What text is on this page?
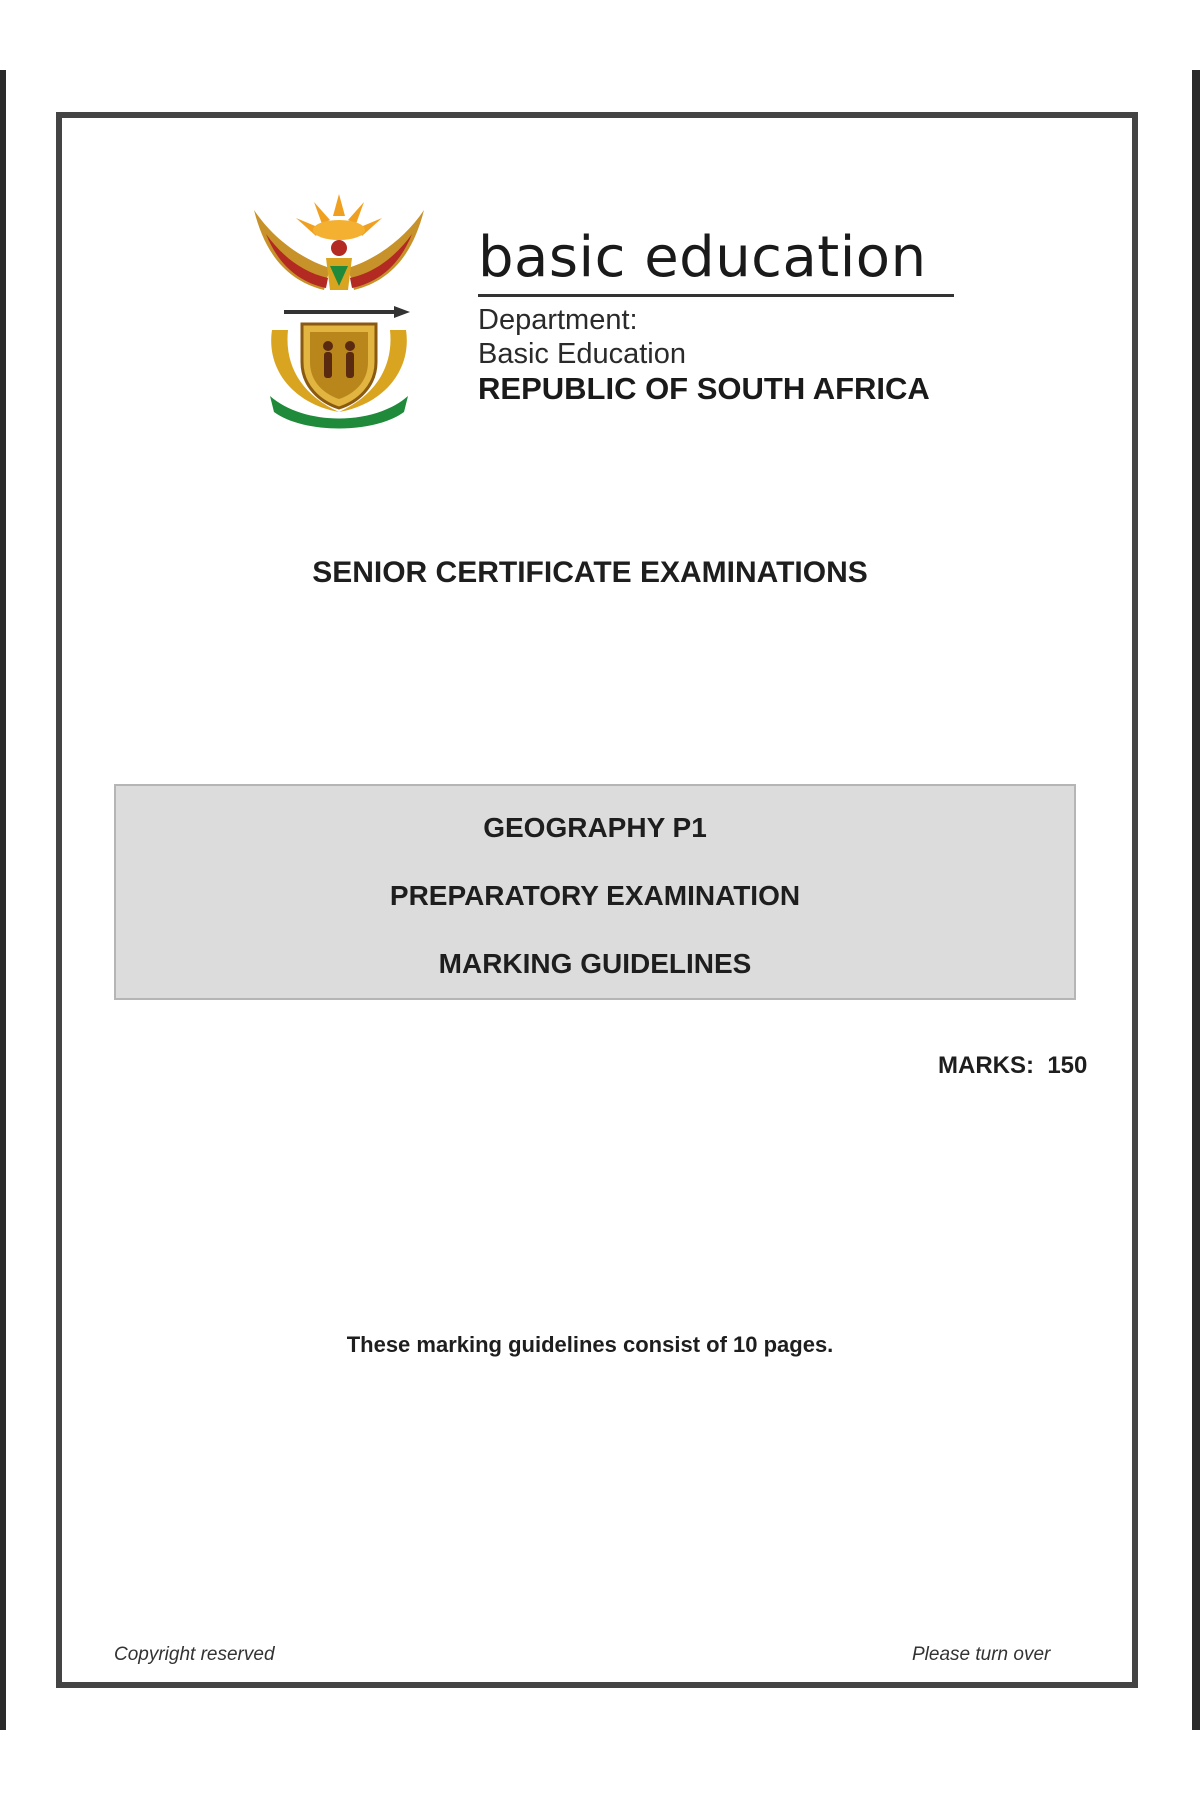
basic education
Department:
Basic Education
REPUBLIC OF SOUTH AFRICA
SENIOR CERTIFICATE EXAMINATIONS
GEOGRAPHY P1
PREPARATORY EXAMINATION
MARKING GUIDELINES
MARKS:  150
These marking guidelines consist of 10 pages.
Copyright reserved	Please turn over
